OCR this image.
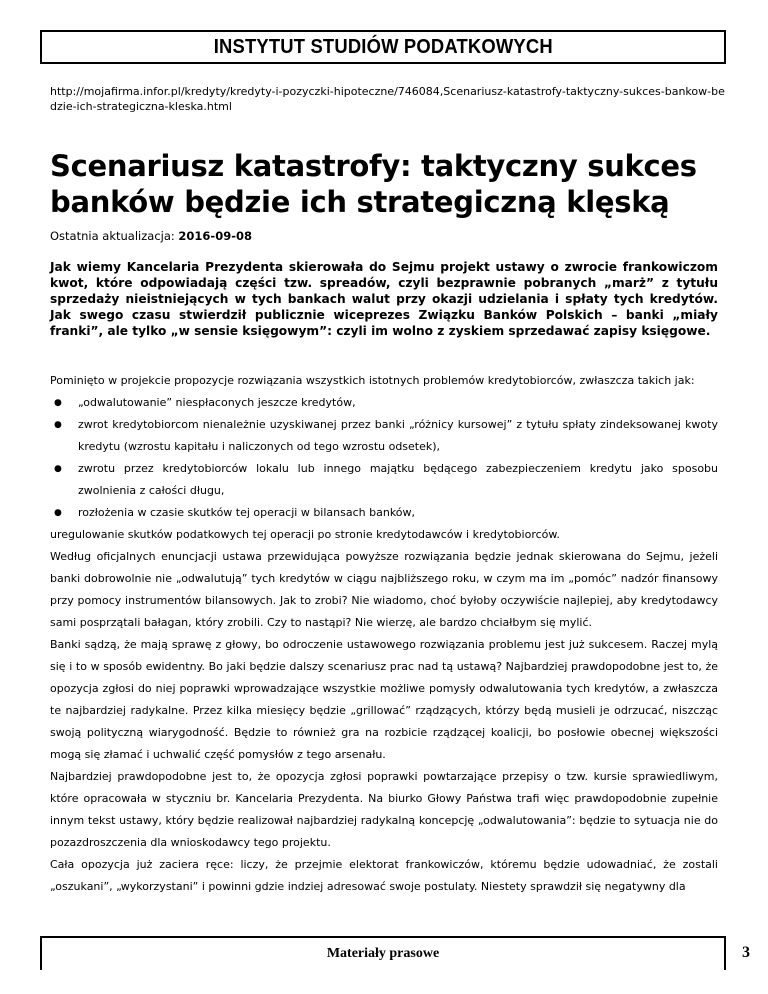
INSTYTUT STUDIÓW PODATKOWYCH
http://mojafirma.infor.pl/kredyty/kredyty-i-pozyczki-hipoteczne/746084,Scenariusz-katastrofy-taktyczny-sukces-bankow-bedzie-ich-strategiczna-kleska.html
Scenariusz katastrofy: taktyczny sukces banków będzie ich strategiczną klęską
Ostatnia aktualizacja: 2016-09-08

Jak wiemy Kancelaria Prezydenta skierowała do Sejmu projekt ustawy o zwrocie frankowiczom kwot, które odpowiadają części tzw. spreadów, czyli bezprawnie pobranych „marż” z tytułu sprzedaży nieistniejących w tych bankach walut przy okazji udzielania i spłaty tych kredytów. Jak swego czasu stwierdził publicznie wiceprezes Związku Banków Polskich – banki „miały franki”, ale tylko „w sensie księgowym”: czyli im wolno z zyskiem sprzedawać zapisy księgowe.

Pominięto w projekcie propozycje rozwiązania wszystkich istotnych problemów kredytobiorców, zwłaszcza takich jak:

● „odwalutowanie” niespłaconych jeszcze kredytów,
● zwrot kredytobiorcom nienależnie uzyskiwanej przez banki „różnicy kursowej” z tytułu spłaty zindeksowanej kwoty kredytu (wzrostu kapitału i naliczonych od tego wzrostu odsetek),
● zwrotu przez kredytobiorców lokalu lub innego majątku będącego zabezpieczeniem kredytu jako sposobu zwolnienia z całości długu,
● rozłożenia w czasie skutków tej operacji w bilansach banków,

uregulowanie skutków podatkowych tej operacji po stronie kredytodawców i kredytobiorców.

Według oficjalnych enuncjacji ustawa przewidująca powyższe rozwiązania będzie jednak skierowana do Sejmu, jeżeli banki dobrowolnie nie „odwalutują” tych kredytów w ciągu najbliższego roku, w czym ma im „pomóc” nadzór finansowy przy pomocy instrumentów bilansowych. Jak to zrobi? Nie wiadomo, choć byłoby oczywiście najlepiej, aby kredytodawcy sami posprzątali bałagan, który zrobili. Czy to nastąpi? Nie wierzę, ale bardzo chciałbym się mylić.

Banki sądzą, że mają sprawę z głowy, bo odroczenie ustawowego rozwiązania problemu jest już sukcesem. Raczej mylą się i to w sposób ewidentny. Bo jaki będzie dalszy scenariusz prac nad tą ustawą? Najbardziej prawdopodobne jest to, że opozycja zgłosi do niej poprawki wprowadzające wszystkie możliwe pomysły odwalutowania tych kredytów, a zwłaszcza te najbardziej radykalne. Przez kilka miesięcy będzie „grillować” rządzących, którzy będą musieli je odrzucać, niszcząc swoją polityczną wiarygodność. Będzie to również gra na rozbicie rządzącej koalicji, bo posłowie obecnej większości mogą się złamać i uchwalić część pomysłów z tego arsenału.

Najbardziej prawdopodobne jest to, że opozycja zgłosi poprawki powtarzające przepisy o tzw. kursie sprawiedliwym, które opracowała w styczniu br. Kancelaria Prezydenta. Na biurko Głowy Państwa trafi więc prawdopodobnie zupełnie innym tekst ustawy, który będzie realizował najbardziej radykalną koncepcję „odwalutowania”: będzie to sytuacja nie do pozazdroszczenia dla wnioskodawcy tego projektu.

Cała opozycja już zaciera ręce: liczy, że przejmie elektorat frankowiczów, któremu będzie udowadniać, że zostali „oszukani”, „wykorzystani” i powinni gdzie indziej adresować swoje postulaty. Niestety sprawdził się negatywny dla

Materiały prasowe	3
